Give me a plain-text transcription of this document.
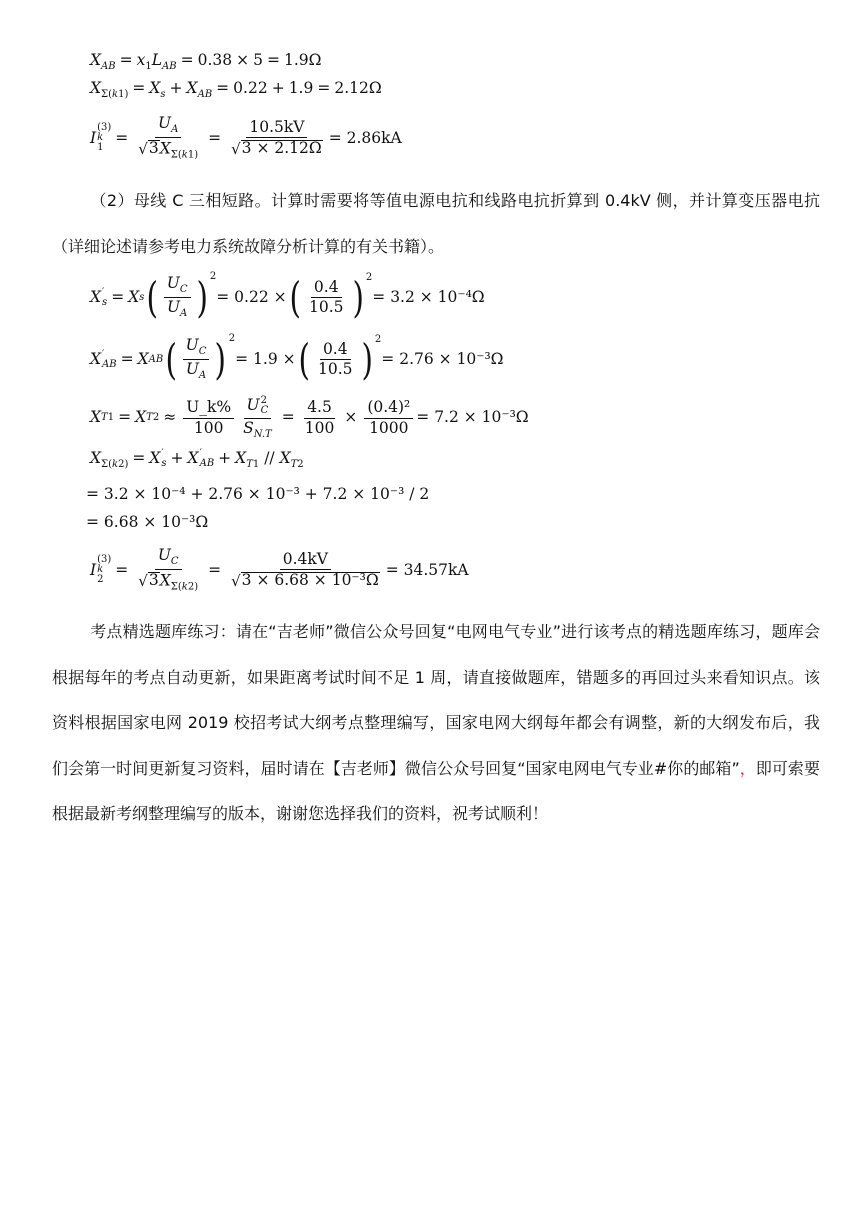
$X_{AB} = x_1L_{AB} = 0.38 \times 5 = 1.9\Omega$
$X_{\Sigma(k1)} = X_s + X_{AB} = 0.22 + 1.9 = 2.12\Omega$
I
(3)
k
1
= $\frac{U_A}{√ 3 X_{\Sigma(k1)}} = \frac{10.5kV}{√ 3 \times 2.12\Omega} = 2.86kA$
（2）母线 C 三相短路。计算时需要将等值电源电抗和线路电抗折算到 0.4kV 侧，并计算变压器电抗（详细论述请参考电力系统故障分析计算的有关书籍）。
X ′
s = X s ( $\frac{U_C}{U_A}$ ) 2
= 0.22 × ( $\frac{0.4}{10.5}$ ) 2
= 3.2 × 10⁻⁴Ω
X ′
AB = X AB ( $\frac{U_C}{U_A}$ ) 2
= 1.9 × ( $\frac{0.4}{10.5}$ ) 2
= 2.76 × 10⁻³Ω
X T 1 = X T $2 \approx \frac{U\_k\%}{100}$ U 2
C
$S_{N.T} = \frac{4.5}{100} \times \frac{\text{(0.4)²}}{1000} = 7.2 \times 10^{-3}\Omega$
$X_{\Sigma(k2)} = X$ ′
s + X ′
AB + $X_{T1} // X_{T2}$
= 3.2 × 10⁻⁴ + 2.76 × 10⁻³ + 7.2 × 10⁻³ / 2
= 6.68 × 10⁻³Ω
I
(3)
k
2
= $\frac{U_C}{√ 3 X_{\Sigma(k2)}} = \frac{0.4kV}{\text{√ 3 × 6.68 × 10⁻³Ω}} = 34.57kA$
考点精选题库练习：请在“吉老师”微信公众号回复“电网电气专业”进行该考点的精选题库练习，题库会根据每年的考点自动更新，如果距离考试时间不足 1 周，请直接做题库，错题多的再回过头来看知识点。该资料根据国家电网 2019 校招考试大纲考点整理编写，国家电网大纲每年都会有调整，新的大纲发布后，我们会第一时间更新复习资料，届时请在【吉老师】微信公众号回复“国家电网电气专业#你的邮箱”，即可索要根据最新考纲整理编写的版本，谢谢您选择我们的资料，祝考试顺利！
